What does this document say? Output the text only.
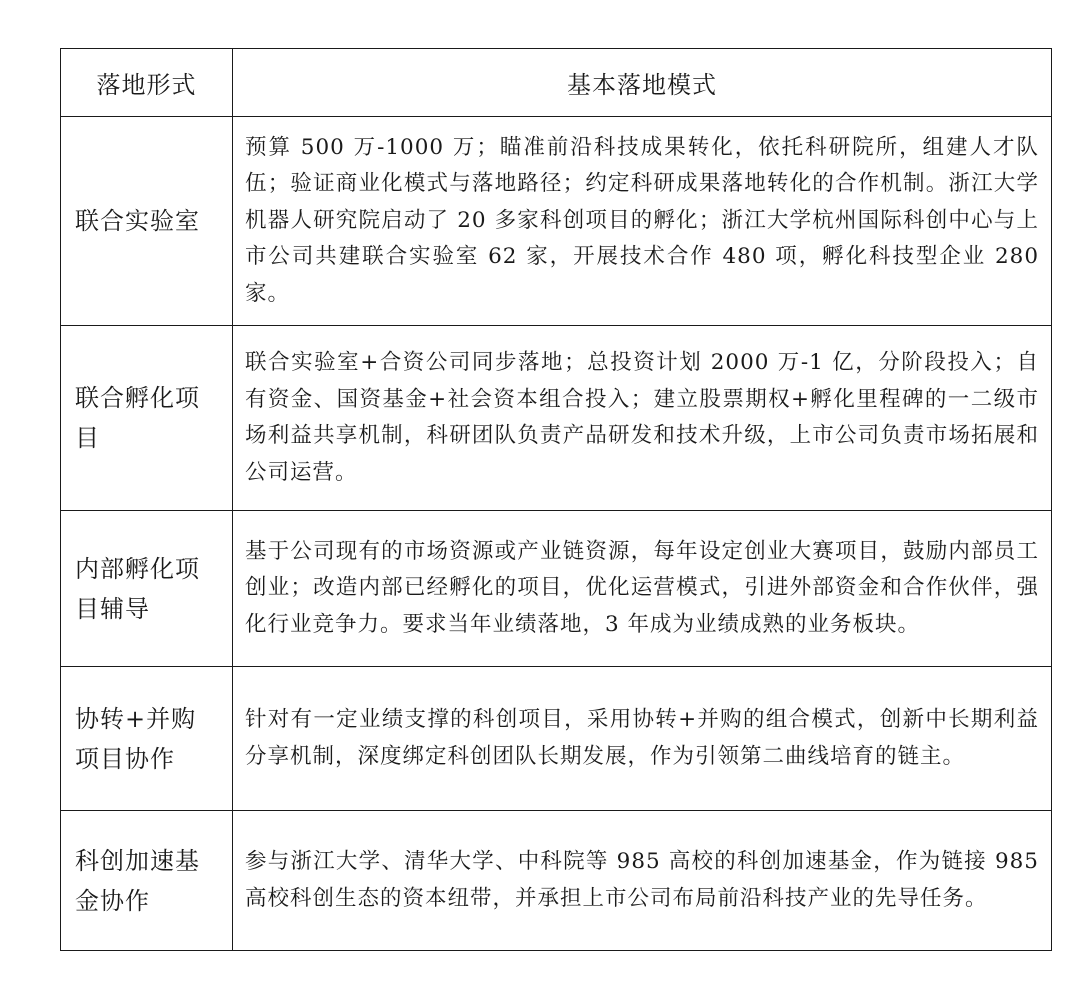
落地形式	基本落地模式
联合实验室	预算 500 万-1000 万；瞄准前沿科技成果转化，依托科研院所，组建人才队伍；验证商业化模式与落地路径；约定科研成果落地转化的合作机制。浙江大学机器人研究院启动了 20 多家科创项目的孵化；浙江大学杭州国际科创中心与上市公司共建联合实验室 62 家，开展技术合作 480 项，孵化科技型企业 280 家。
联合孵化项目	联合实验室+合资公司同步落地；总投资计划 2000 万-1 亿，分阶段投入；自有资金、国资基金+社会资本组合投入；建立股票期权+孵化里程碑的一二级市场利益共享机制，科研团队负责产品研发和技术升级，上市公司负责市场拓展和公司运营。
内部孵化项目辅导	基于公司现有的市场资源或产业链资源，每年设定创业大赛项目，鼓励内部员工创业；改造内部已经孵化的项目，优化运营模式，引进外部资金和合作伙伴，强化行业竞争力。要求当年业绩落地，3 年成为业绩成熟的业务板块。
协转+并购项目协作	针对有一定业绩支撑的科创项目，采用协转+并购的组合模式，创新中长期利益分享机制，深度绑定科创团队长期发展，作为引领第二曲线培育的链主。
科创加速基金协作	参与浙江大学、清华大学、中科院等 985 高校的科创加速基金，作为链接 985 高校科创生态的资本纽带，并承担上市公司布局前沿科技产业的先导任务。
